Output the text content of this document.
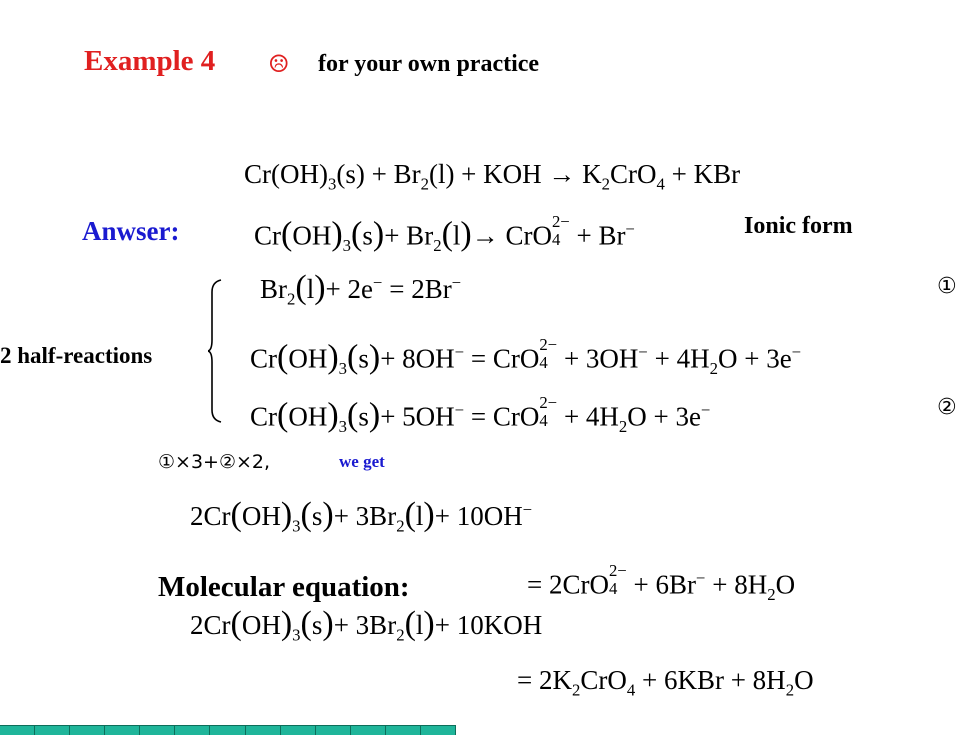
Example 4 ☹ for your own practice
$Cr(OH)_3(s) + Br_2(l)$ + KOH → $K_2CrO_4$ + KBr
Anwser:	$Cr(OH)_3(s)+ Br_2(l)\to$ CrO 2−
4 + Br−	Ionic form
2 half-reactions
$Br_2(l)+ 2e^- = 2Br^-$	①
$Cr(OH)_3(s)+ 8OH^-$ = CrO 2−
$4 + 3OH^- + 4H_2O + 3e^-$
$Cr(OH)_3(s)+ 5OH^-$ = CrO 2−
$4 + 4H_2O + 3e^-$	②
①×3+②×2,	we get
$2Cr(OH)_3(s)+ 3Br_2(l)+ 10OH^-$
= 2CrO 2−
$4 + 6Br^- + 8H_2O$
Molecular equation:
$2Cr(OH)_3(s)+ 3Br_2(l)+ 10KOH$
= $2K_2CrO_4 + 6KBr + 8H_2O$
